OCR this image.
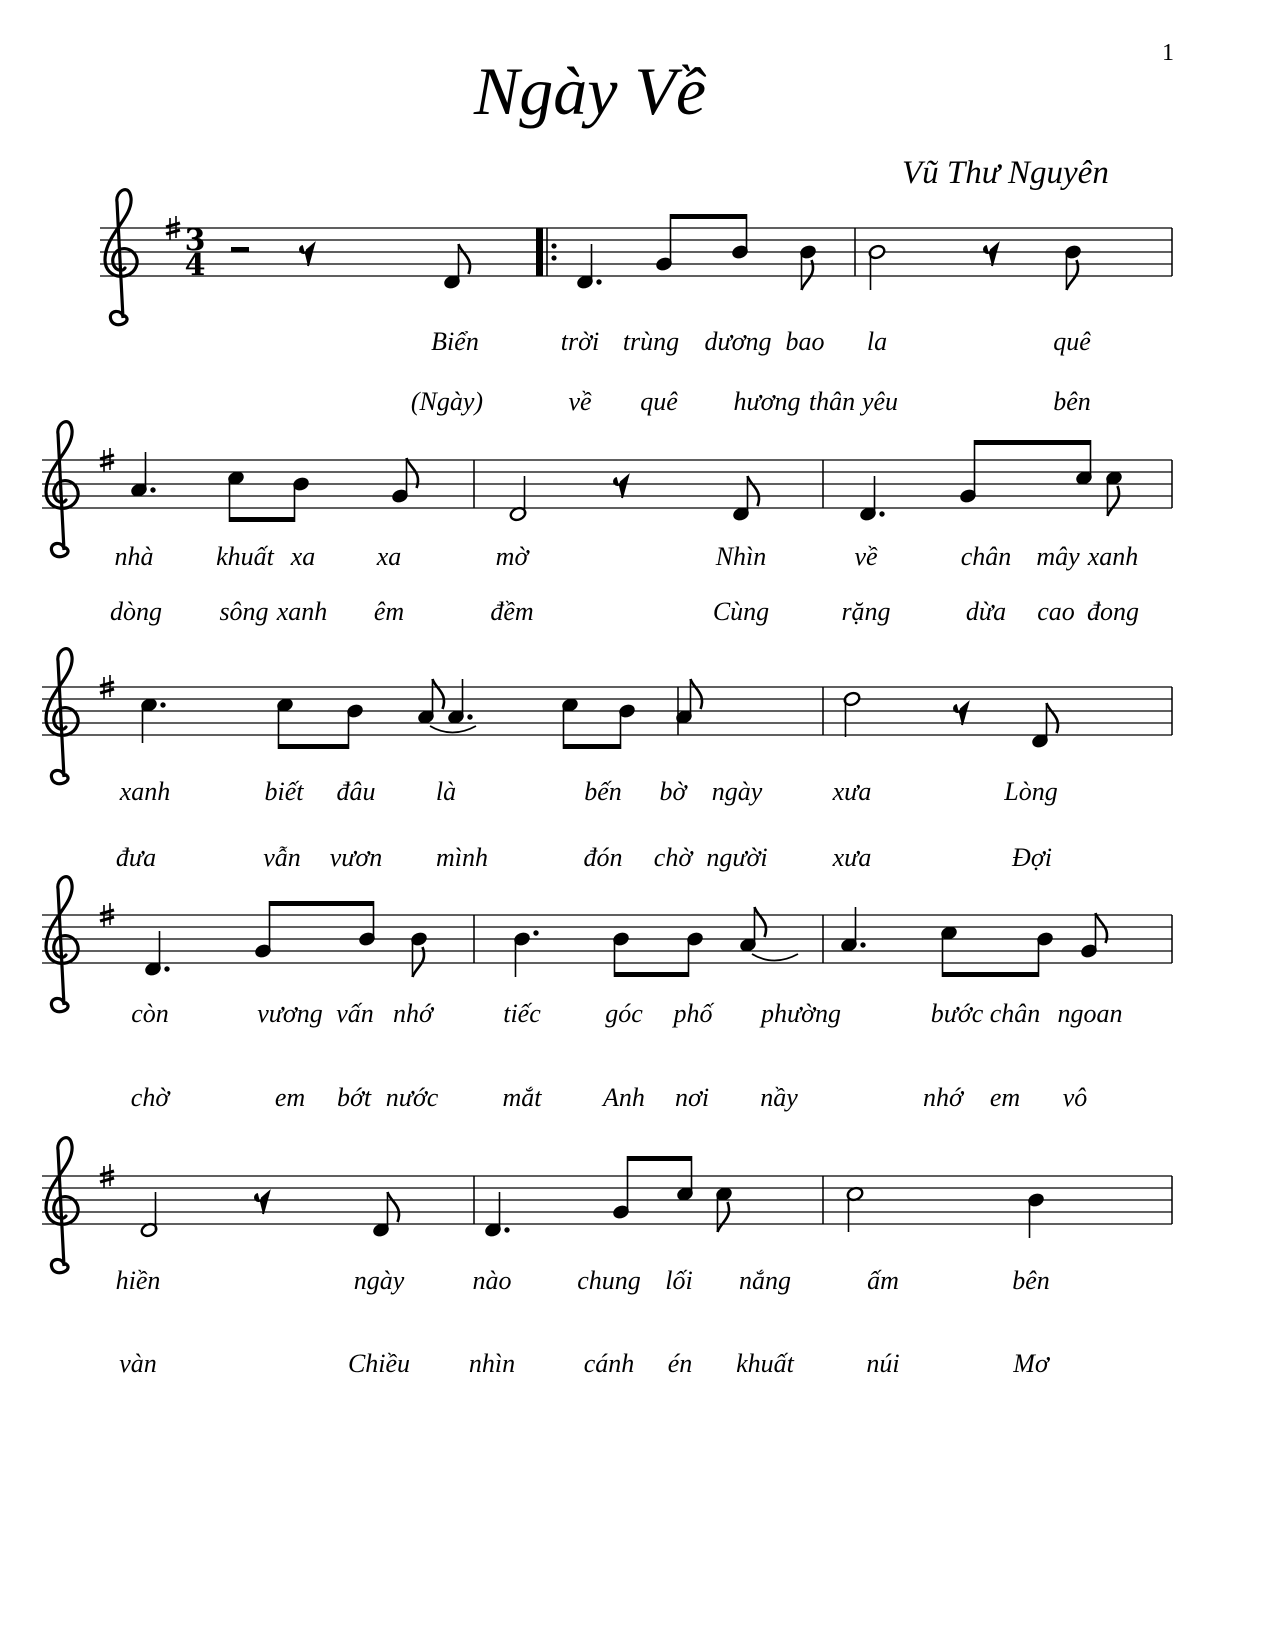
1
Ngày Về
Vũ Thư Nguyên
3
4
Biển	trời trùng dương bao la	quê
(Ngày)	về quê hương thân yêu	bên
nhà khuất xa xa	mờ	Nhìn	về	chân mây xanh
dòng sông xanh êm	đềm	Cùng	rặng	dừa cao đong
xanh	biết đâu là	bến bờ ngày	xưa	Lòng
đưa	vẫn vươn mình	đón chờ người xưa	Đợi
còn	vương vấn nhớ	tiếc góc phố phường	bước chân ngoan
chờ	em bớt nước mắt Anh nơi nầy	nhớ em vô
hiền	ngày	nào	chung lối nắng	ấm	bên
vàn	Chiều nhìn	cánh én khuất	núi	Mơ
